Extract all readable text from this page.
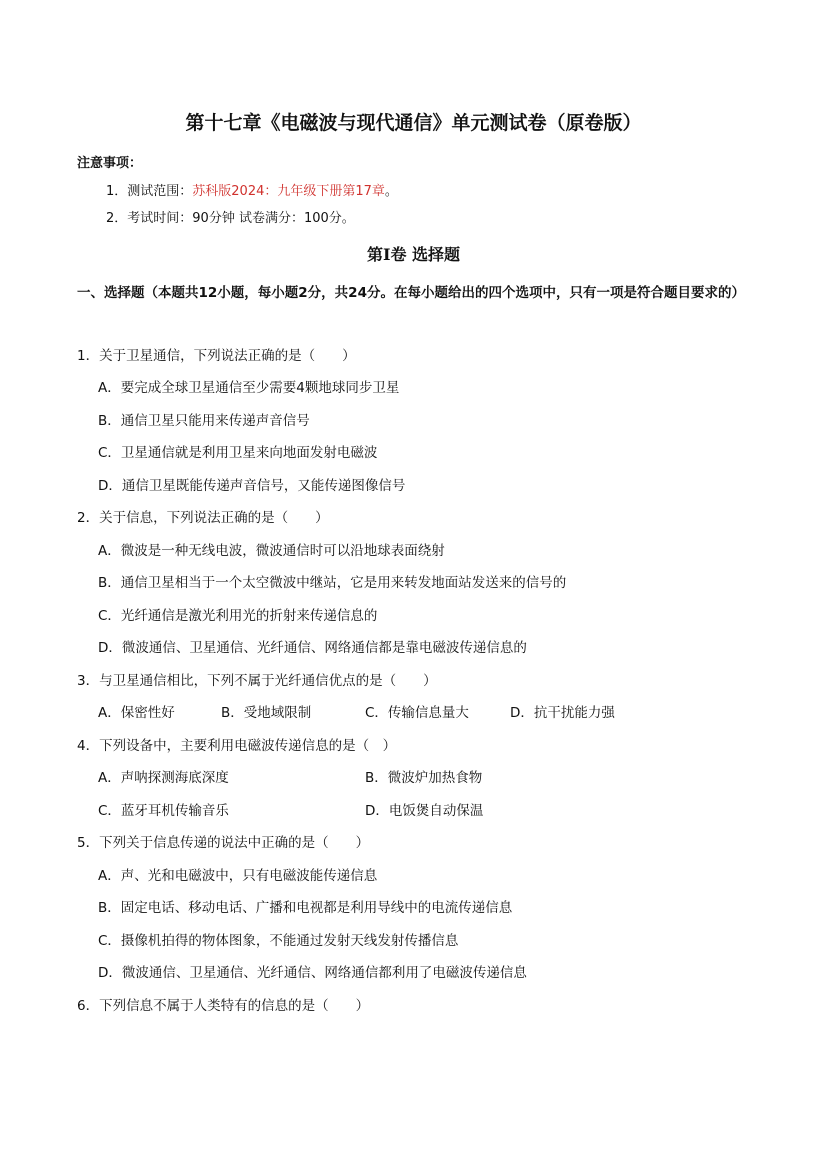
第十七章《电磁波与现代通信》单元测试卷（原卷版）
注意事项：
1．测试范围：苏科版2024：九年级下册第17章。
2．考试时间：90分钟 试卷满分：100分。
第Ⅰ卷 选择题
一、选择题（本题共12小题，每小题2分，共24分。在每小题给出的四个选项中，只有一项是符合题目要求的）
1．关于卫星通信，下列说法正确的是（　　）
A．要完成全球卫星通信至少需要4颗地球同步卫星
B．通信卫星只能用来传递声音信号
C．卫星通信就是利用卫星来向地面发射电磁波
D．通信卫星既能传递声音信号，又能传递图像信号
2．关于信息，下列说法正确的是（　　）
A．微波是一种无线电波，微波通信时可以沿地球表面绕射
B．通信卫星相当于一个太空微波中继站，它是用来转发地面站发送来的信号的
C．光纤通信是激光利用光的折射来传递信息的
D．微波通信、卫星通信、光纤通信、网络通信都是靠电磁波传递信息的
3．与卫星通信相比，下列不属于光纤通信优点的是（　　）
A．保密性好	B．受地域限制	C．传输信息量大	D．抗干扰能力强
4．下列设备中，主要利用电磁波传递信息的是（　）
A．声呐探测海底深度	B．微波炉加热食物
C．蓝牙耳机传输音乐	D．电饭煲自动保温
5．下列关于信息传递的说法中正确的是（　　）
A．声、光和电磁波中，只有电磁波能传递信息
B．固定电话、移动电话、广播和电视都是利用导线中的电流传递信息
C．摄像机拍得的物体图象，不能通过发射天线发射传播信息
D．微波通信、卫星通信、光纤通信、网络通信都利用了电磁波传递信息
6．下列信息不属于人类特有的信息的是（　　）
